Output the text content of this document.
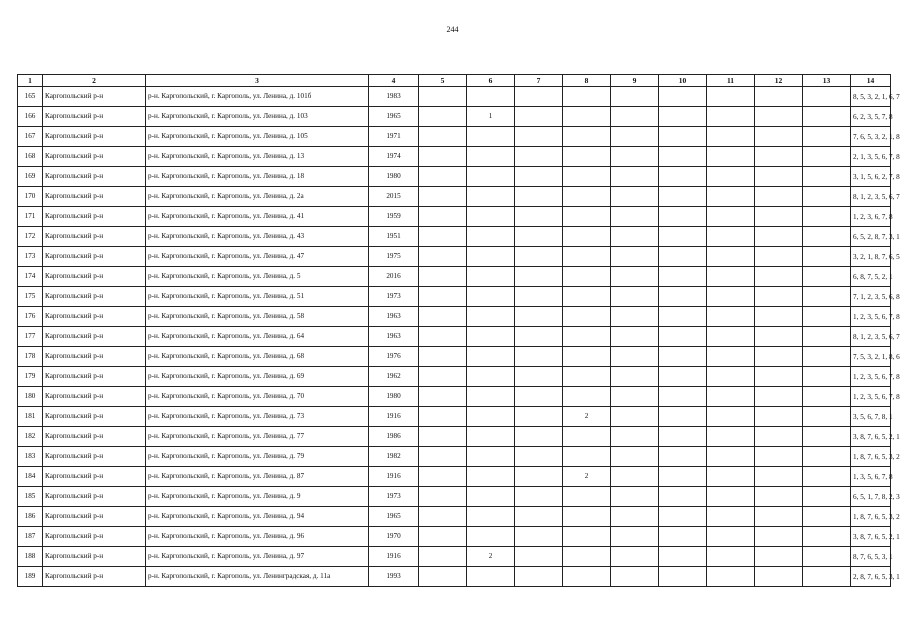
244
1	2	3	4	5	6	7	8	9	10	11	12	13	14
165	Каргопольский р-н	р-н. Каргопольский, г. Каргополь, ул. Ленина, д. 101б	1983										8, 5, 3, 2, 1, 6, 7
166	Каргопольский р-н	р-н. Каргопольский, г. Каргополь, ул. Ленина, д. 103	1965		1								6, 2, 3, 5, 7, 8
167	Каргопольский р-н	р-н. Каргопольский, г. Каргополь, ул. Ленина, д. 105	1971										7, 6, 5, 3, 2, 1, 8
168	Каргопольский р-н	р-н. Каргопольский, г. Каргополь, ул. Ленина, д. 13	1974										2, 1, 3, 5, 6, 7, 8
169	Каргопольский р-н	р-н. Каргопольский, г. Каргополь, ул. Ленина, д. 18	1980										3, 1, 5, 6, 2, 7, 8
170	Каргопольский р-н	р-н. Каргопольский, г. Каргополь, ул. Ленина, д. 2а	2015										8, 1, 2, 3, 5, 6, 7
171	Каргопольский р-н	р-н. Каргопольский, г. Каргополь, ул. Ленина, д. 41	1959										1, 2, 3, 6, 7, 8
172	Каргопольский р-н	р-н. Каргопольский, г. Каргополь, ул. Ленина, д. 43	1951										6, 5, 2, 8, 7, 3, 1
173	Каргопольский р-н	р-н. Каргопольский, г. Каргополь, ул. Ленина, д. 47	1975										3, 2, 1, 8, 7, 6, 5
174	Каргопольский р-н	р-н. Каргопольский, г. Каргополь, ул. Ленина, д. 5	2016										6, 8, 7, 5, 2, 1
175	Каргопольский р-н	р-н. Каргопольский, г. Каргополь, ул. Ленина, д. 51	1973										7, 1, 2, 3, 5, 6, 8
176	Каргопольский р-н	р-н. Каргопольский, г. Каргополь, ул. Ленина, д. 58	1963										1, 2, 3, 5, 6, 7, 8
177	Каргопольский р-н	р-н. Каргопольский, г. Каргополь, ул. Ленина, д. 64	1963										8, 1, 2, 3, 5, 6, 7
178	Каргопольский р-н	р-н. Каргопольский, г. Каргополь, ул. Ленина, д. 68	1976										7, 5, 3, 2, 1, 8, 6
179	Каргопольский р-н	р-н. Каргопольский, г. Каргополь, ул. Ленина, д. 69	1962										1, 2, 3, 5, 6, 7, 8
180	Каргопольский р-н	р-н. Каргопольский, г. Каргополь, ул. Ленина, д. 70	1980										1, 2, 3, 5, 6, 7, 8
181	Каргопольский р-н	р-н. Каргопольский, г. Каргополь, ул. Ленина, д. 73	1916				2						3, 5, 6, 7, 8, 1
182	Каргопольский р-н	р-н. Каргопольский, г. Каргополь, ул. Ленина, д. 77	1986										3, 8, 7, 6, 5, 2, 1
183	Каргопольский р-н	р-н. Каргопольский, г. Каргополь, ул. Ленина, д. 79	1982										1, 8, 7, 6, 5, 3, 2
184	Каргопольский р-н	р-н. Каргопольский, г. Каргополь, ул. Ленина, д. 87	1916				2						1, 3, 5, 6, 7, 8
185	Каргопольский р-н	р-н. Каргопольский, г. Каргополь, ул. Ленина, д. 9	1973										6, 5, 1, 7, 8, 2, 3
186	Каргопольский р-н	р-н. Каргопольский, г. Каргополь, ул. Ленина, д. 94	1965										1, 8, 7, 6, 5, 3, 2
187	Каргопольский р-н	р-н. Каргопольский, г. Каргополь, ул. Ленина, д. 96	1970										3, 8, 7, 6, 5, 2, 1
188	Каргопольский р-н	р-н. Каргопольский, г. Каргополь, ул. Ленина, д. 97	1916		2								8, 7, 6, 5, 3, 1
189	Каргопольский р-н	р-н. Каргопольский, г. Каргополь, ул. Ленинградская, д. 11а	1993										2, 8, 7, 6, 5, 3, 1
